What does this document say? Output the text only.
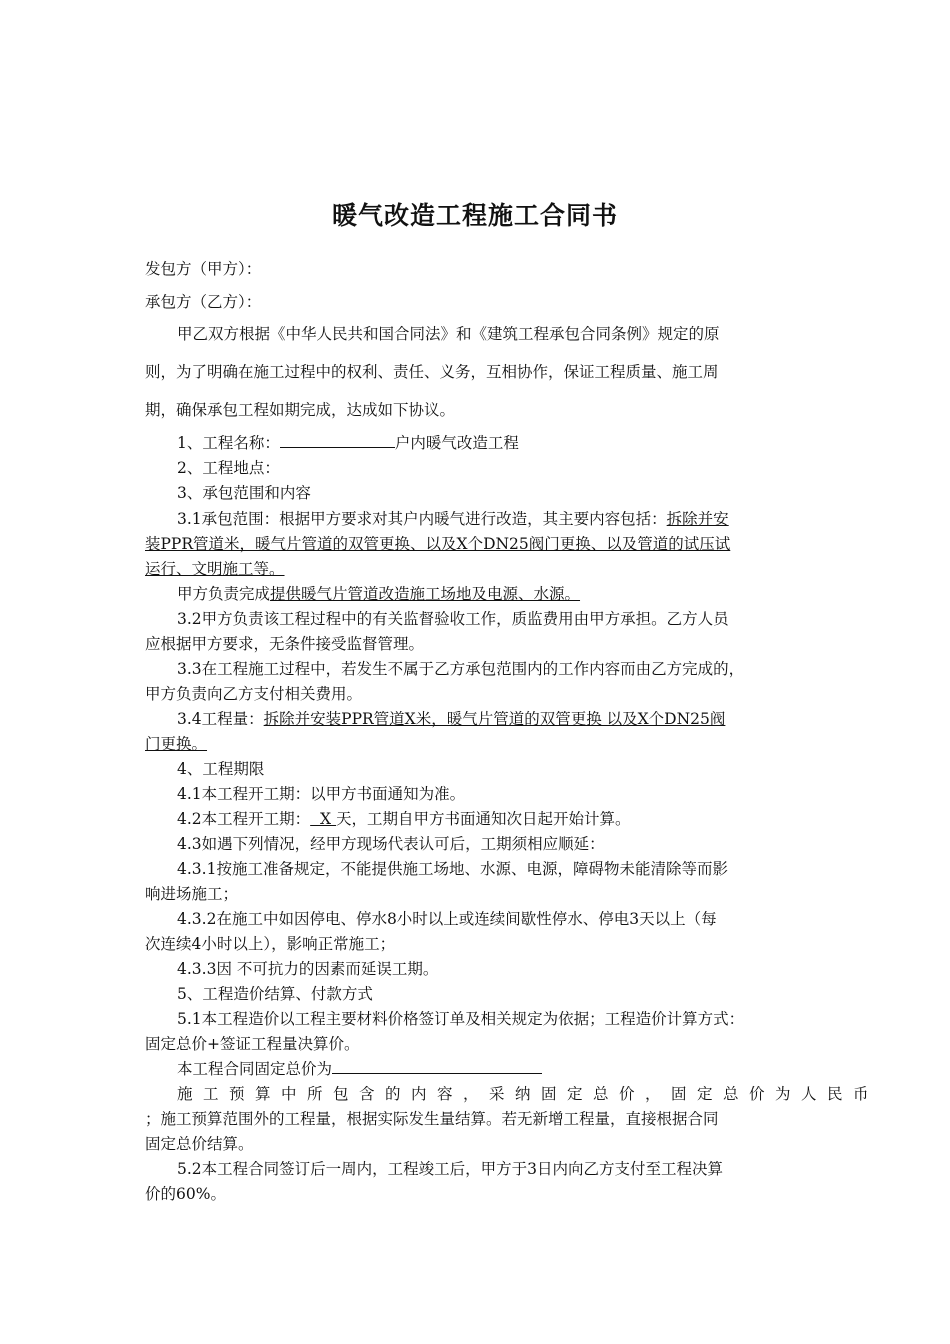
暖气改造工程施工合同书
发包方（甲方）：
承包方（乙方）：
甲乙双方根据《中华人民共和国合同法》和《建筑工程承包合同条例》规定的原
则，为了明确在施工过程中的权利、责任、义务，互相协作，保证工程质量、施工周
期，确保承包工程如期完成，达成如下协议。
1、工程名称：	户内暖气改造工程
2、工程地点：
3、承包范围和内容
3.1承包范围：根据甲方要求对其户内暖气进行改造，其主要内容包括：拆除并安
装PPR管道米，暖气片管道的双管更换、以及X个DN25阀门更换、以及管道的试压试
运行、文明施工等。
甲方负责完成提供暖气片管道改造施工场地及电源、水源。
3.2甲方负责该工程过程中的有关监督验收工作，质监费用由甲方承担。乙方人员
应根据甲方要求，无条件接受监督管理。
3.3在工程施工过程中，若发生不属于乙方承包范围内的工作内容而由乙方完成的，
甲方负责向乙方支付相关费用。
3.4工程量：拆除并安装PPR管道X米，暖气片管道的双管更换 以及X个DN25阀
门更换。
4、工程期限
4.1本工程开工期：以甲方书面通知为准。
4.2本工程开工期：  X 天，工期自甲方书面通知次日起开始计算。
4.3如遇下列情况，经甲方现场代表认可后，工期须相应顺延：
4.3.1按施工准备规定，不能提供施工场地、水源、电源，障碍物未能清除等而影
响进场施工；
4.3.2在施工中如因停电、停水8小时以上或连续间歇性停水、停电3天以上（每
次连续4小时以上），影响正常施工；
4.3.3因 不可抗力的因素而延误工期。
5、工程造价结算、付款方式
5.1本工程造价以工程主要材料价格签订单及相关规定为依据；工程造价计算方式：
固定总价+签证工程量决算价。
本工程合同固定总价为
施工预算中所包含的内容，采纳固定总价，固定总价为人民币
；施工预算范围外的工程量，根据实际发生量结算。若无新增工程量，直接根据合同
固定总价结算。
5.2本工程合同签订后一周内，工程竣工后，甲方于3日内向乙方支付至工程决算
价的60%。
